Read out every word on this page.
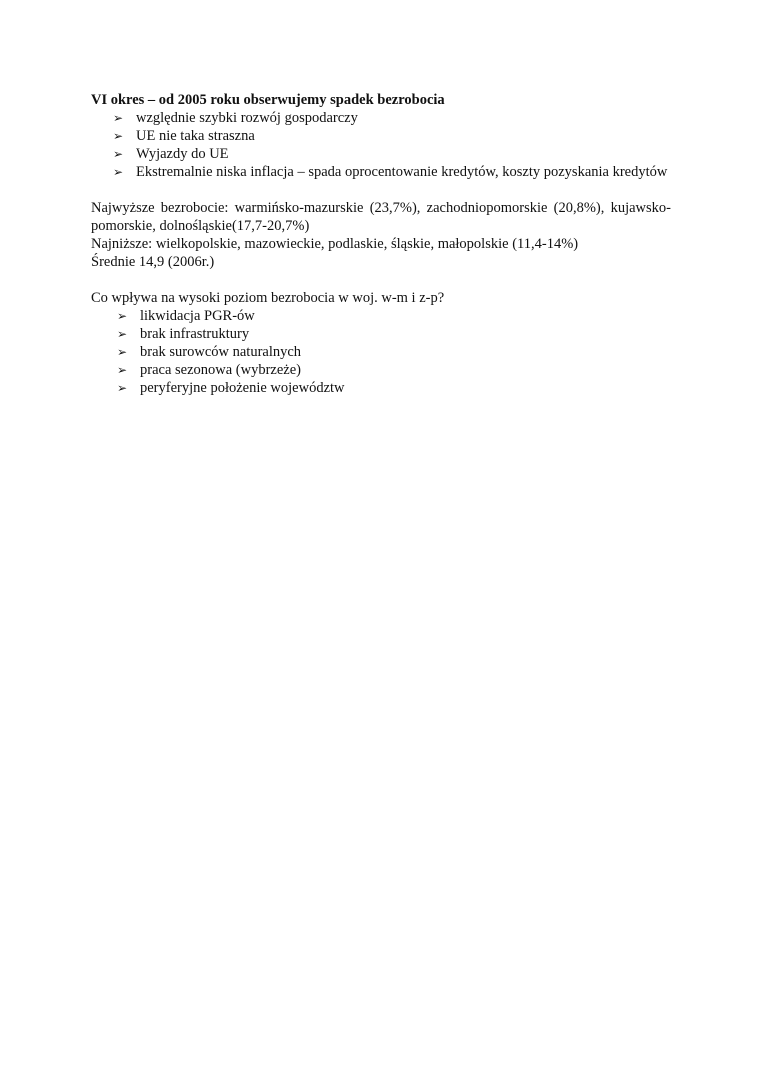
VI okres – od 2005 roku obserwujemy spadek bezrobocia

➢ względnie szybki rozwój gospodarczy
➢ UE nie taka straszna
➢ Wyjazdy do UE
➢ Ekstremalnie niska inflacja – spada oprocentowanie kredytów, koszty pozyskania kredytów

Najwyższe bezrobocie: warmińsko-mazurskie (23,7%), zachodniopomorskie (20,8%), kujawsko-pomorskie, dolnośląskie(17,7-20,7%)

Najniższe: wielkopolskie, mazowieckie, podlaskie, śląskie, małopolskie (11,4-14%)

Średnie 14,9 (2006r.)

Co wpływa na wysoki poziom bezrobocia w woj. w-m i z-p?

➢ likwidacja PGR-ów
➢ brak infrastruktury
➢ brak surowców naturalnych
➢ praca sezonowa (wybrzeże)
➢ peryferyjne położenie województw
